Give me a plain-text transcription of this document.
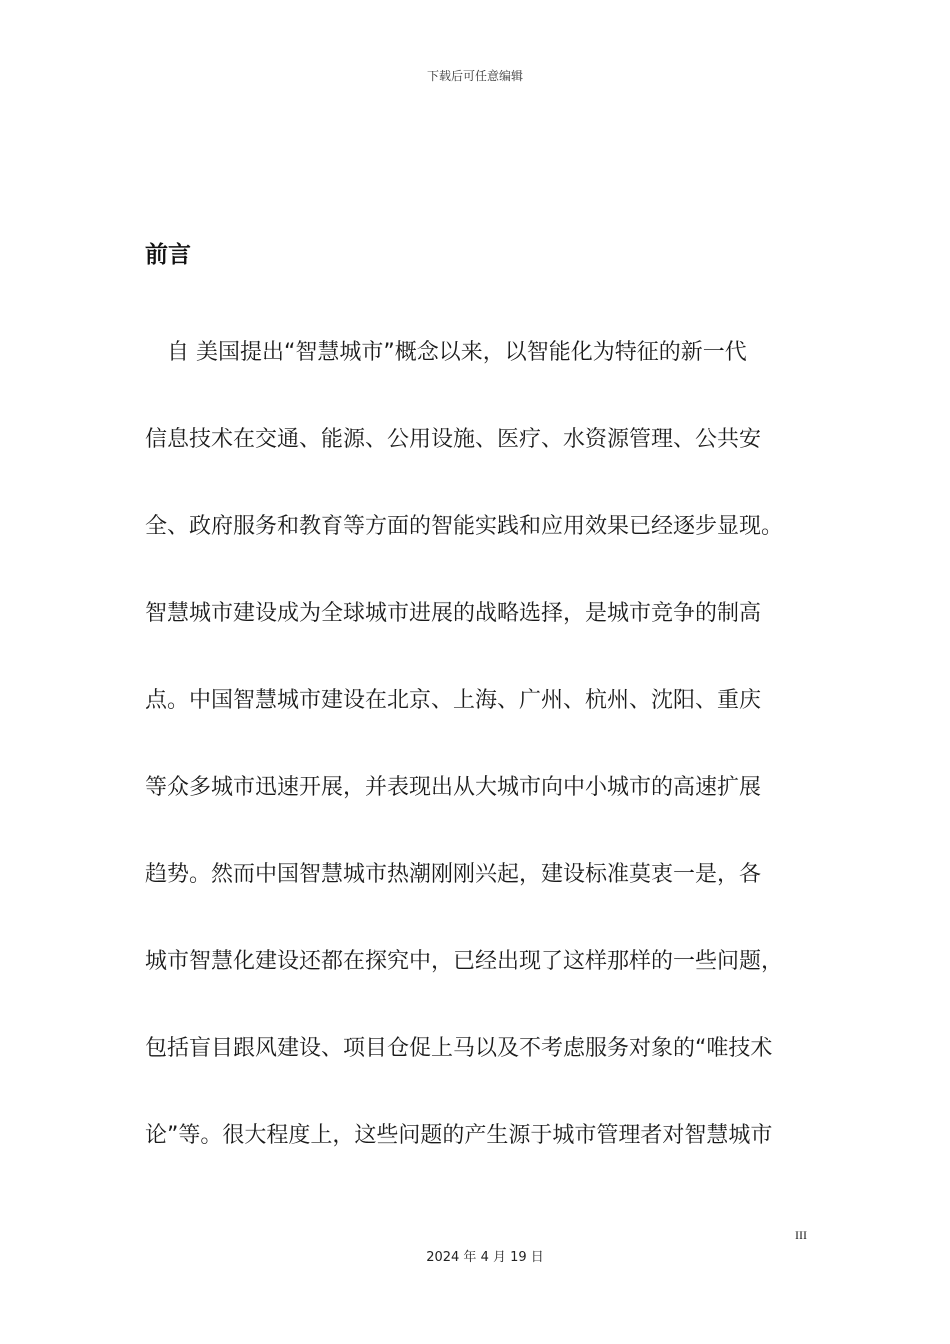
下载后可任意编辑
前言
　自 美国提出“智慧城市”概念以来，以智能化为特征的新一代
信息技术在交通、能源、公用设施、医疗、水资源管理、公共安
全、政府服务和教育等方面的智能实践和应用效果已经逐步显现。
智慧城市建设成为全球城市进展的战略选择，是城市竞争的制高
点。中国智慧城市建设在北京、上海、广州、杭州、沈阳、重庆
等众多城市迅速开展，并表现出从大城市向中小城市的高速扩展
趋势。然而中国智慧城市热潮刚刚兴起，建设标准莫衷一是，各
城市智慧化建设还都在探究中，已经出现了这样那样的一些问题，
包括盲目跟风建设、项目仓促上马以及不考虑服务对象的“唯技术
论”等。很大程度上，这些问题的产生源于城市管理者对智慧城市
III
2024 年 4 月 19 日
